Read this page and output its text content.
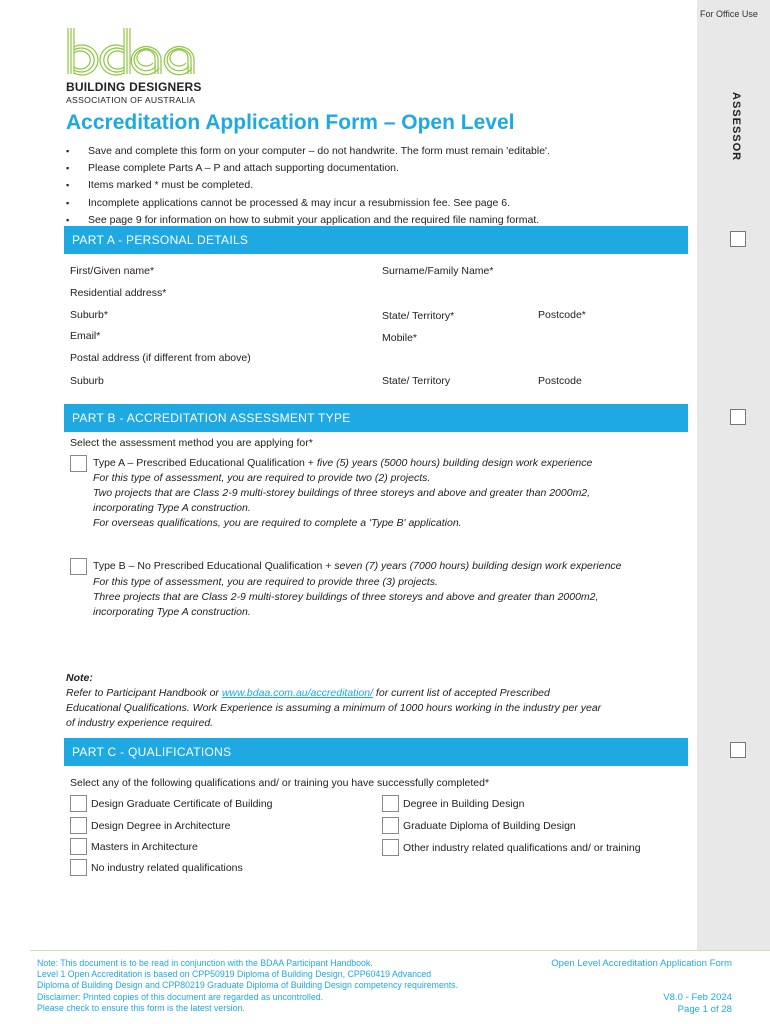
For Office Use
ASSESSOR
BUILDING DESIGNERS
ASSOCIATION OF AUSTRALIA
Accreditation Application Form – Open Level
▪ Save and complete this form on your computer – do not handwrite. The form must remain 'editable'.
▪ Please complete Parts A – P and attach supporting documentation.
▪ Items marked * must be completed.
▪ Incomplete applications cannot be processed & may incur a resubmission fee. See page 6.
▪ See page 9 for information on how to submit your application and the required file naming format.
PART A - PERSONAL DETAILS
First/Given name*	Surname/Family Name*
Residential address*
Suburb*	State/ Territory*	Postcode*
Email*	Mobile*
Postal address (if different from above)
Suburb	State/ Territory	Postcode
PART B - ACCREDITATION ASSESSMENT TYPE
Select the assessment method you are applying for*
Type A – Prescribed Educational Qualification + five (5) years (5000 hours) building design work experience
For this type of assessment, you are required to provide two (2) projects.
Two projects that are Class 2-9 multi-storey buildings of three storeys and above and greater than 2000m2,
incorporating Type A construction.
For overseas qualifications, you are required to complete a 'Type B' application.
Type B – No Prescribed Educational Qualification + seven (7) years (7000 hours) building design work experience
For this type of assessment, you are required to provide three (3) projects.
Three projects that are Class 2-9 multi-storey buildings of three storeys and above and greater than 2000m2,
incorporating Type A construction.
Note:
Refer to Participant Handbook or www.bdaa.com.au/accreditation/ for current list of accepted Prescribed
Educational Qualifications. Work Experience is assuming a minimum of 1000 hours working in the industry per year
of industry experience required.
PART C - QUALIFICATIONS
Select any of the following qualifications and/ or training you have successfully completed*
Design Graduate Certificate of Building
Design Degree in Architecture
Masters in Architecture
No industry related qualifications
Degree in Building Design
Graduate Diploma of Building Design
Other industry related qualifications and/ or training
Note: This document is to be read in conjunction with the BDAA Participant Handbook.
Level 1 Open Accreditation is based on CPP50919 Diploma of Building Design, CPP60419 Advanced
Diploma of Building Design and CPP80219 Graduate Diploma of Building Design competency requirements.
Disclaimer: Printed copies of this document are regarded as uncontrolled.
Please check to ensure this form is the latest version.
Open Level Accreditation Application Form
V8.0 - Feb 2024
Page 1 of 28
